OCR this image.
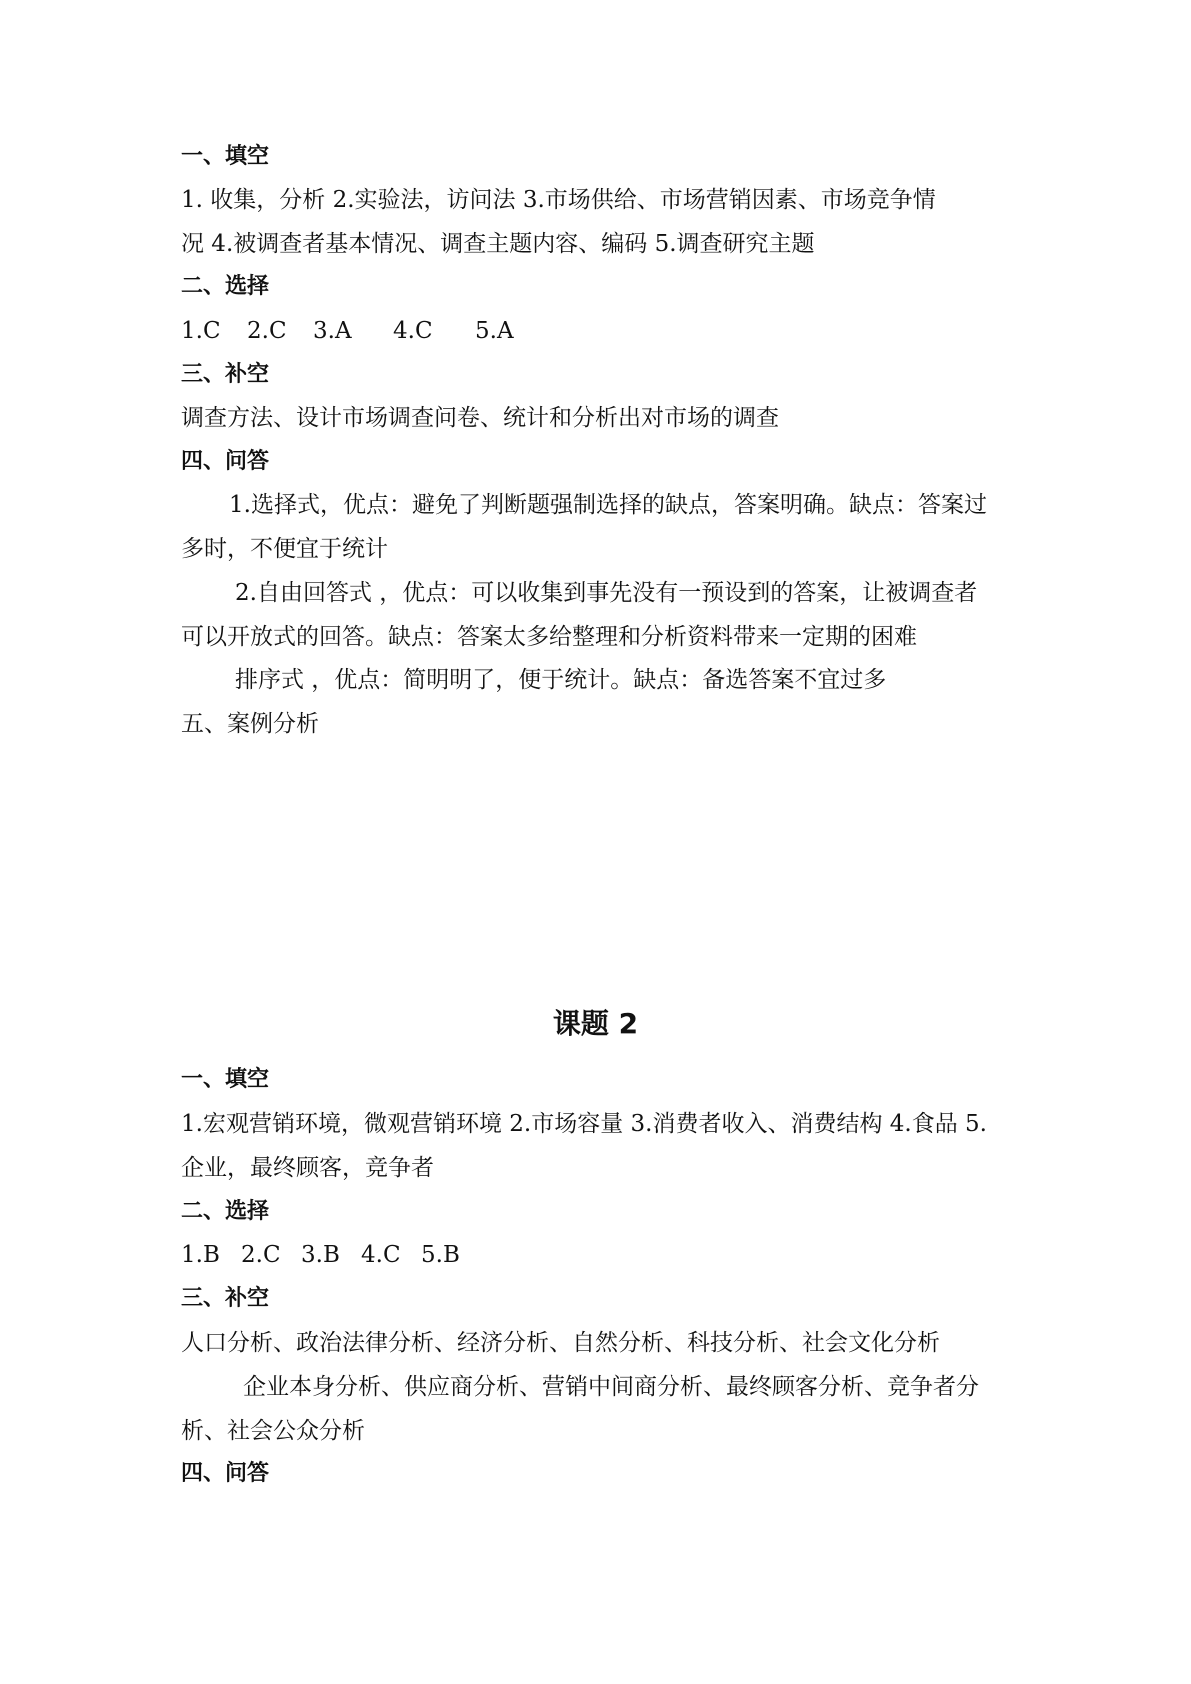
一、填空
1. 收集，分析 2.实验法，访问法 3.市场供给、市场营销因素、市场竞争情
况 4.被调查者基本情况、调查主题内容、编码 5.调查研究主题
二、选择
1.C 2.C 3.A 4.C 5.A
三、补空
调查方法、设计市场调查问卷、统计和分析出对市场的调查
四、问答
1.选择式，优点：避免了判断题强制选择的缺点，答案明确。缺点：答案过
多时，不便宜于统计
2.自由回答式 ，优点：可以收集到事先没有一预设到的答案，让被调查者
可以开放式的回答。缺点：答案太多给整理和分析资料带来一定期的困难
排序式 ，优点：简明明了，便于统计。缺点：备选答案不宜过多
五、案例分析
课题 2
一、填空
1.宏观营销环境，微观营销环境 2.市场容量 3.消费者收入、消费结构 4.食品 5.
企业，最终顾客，竞争者
二、选择
1.B 2.C 3.B 4.C 5.B
三、补空
人口分析、政治法律分析、经济分析、自然分析、科技分析、社会文化分析
企业本身分析、供应商分析、营销中间商分析、最终顾客分析、竞争者分
析、社会公众分析
四、问答
